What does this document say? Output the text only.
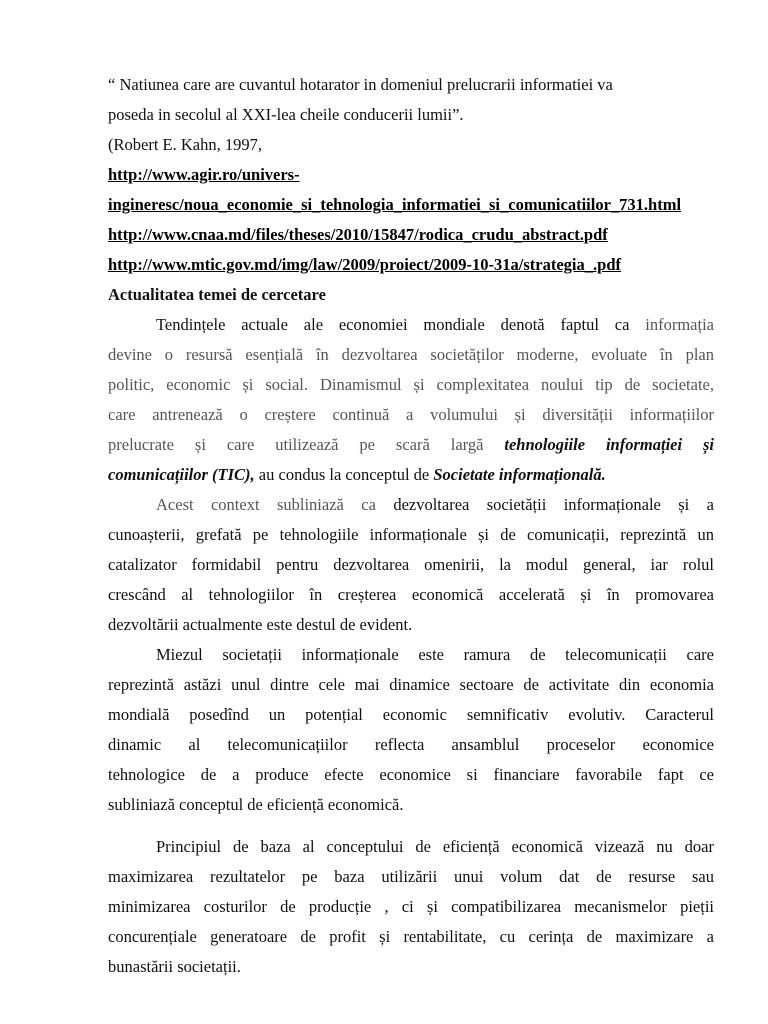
“ Natiunea care are cuvantul hotarator in domeniul prelucrarii informatiei va
poseda in secolul al XXI-lea cheile conducerii lumii”.
(Robert E. Kahn, 1997,
http://www.agir.ro/univers-
ingineresc/noua_economie_si_tehnologia_informatiei_si_comunicatiilor_731.html
http://www.cnaa.md/files/theses/2010/15847/rodica_crudu_abstract.pdf
http://www.mtic.gov.md/img/law/2009/proiect/2009-10-31a/strategia_.pdf
Actualitatea temei de cercetare
Tendințele actuale ale economiei mondiale denotă faptul ca informația
devine o resursă esențială în dezvoltarea societăților moderne, evoluate în plan
politic, economic și social. Dinamismul și complexitatea noului tip de societate,
care antrenează o creștere continuă a volumului și diversității informațiilor
prelucrate și care utilizează pe scară largă tehnologiile informației și
comunicațiilor (TIC), au condus la conceptul de Societate informațională.
Acest context subliniază ca dezvoltarea societății informaționale și a
cunoașterii, grefată pe tehnologiile informaționale și de comunicații, reprezintă un
catalizator formidabil pentru dezvoltarea omenirii, la modul general, iar rolul
crescând al tehnologiilor în creșterea economică accelerată și în promovarea
dezvoltării actualmente este destul de evident.
Miezul societații informaționale este ramura de telecomunicații care
reprezintă astăzi unul dintre cele mai dinamice sectoare de activitate din economia
mondială posedînd un potențial economic semnificativ evolutiv. Caracterul
dinamic al telecomunicațiilor reflecta ansamblul proceselor economice
tehnologice de a produce efecte economice si financiare favorabile fapt ce
subliniază conceptul de eficiență economică.
Principiul de baza al conceptului de eficiență economică vizează nu doar
maximizarea rezultatelor pe baza utilizării unui volum dat de resurse sau
minimizarea costurilor de producție , ci și compatibilizarea mecanismelor pieții
concurențiale generatoare de profit și rentabilitate, cu cerința de maximizare a
bunastării societații.
